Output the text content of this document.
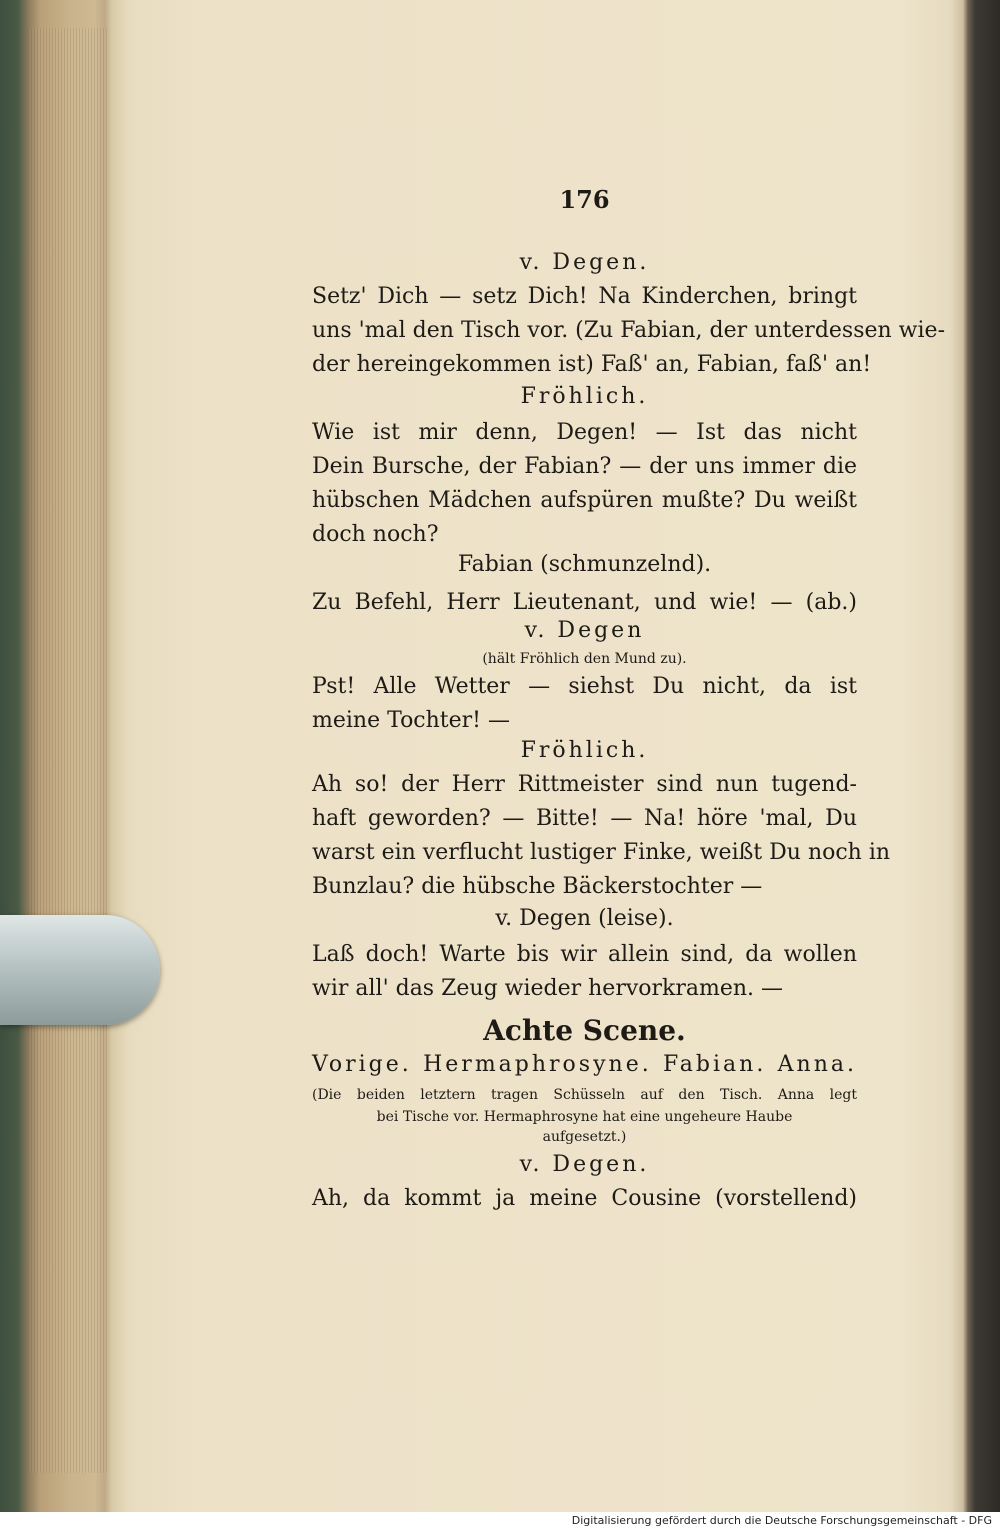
176
v. Degen.
Setz' Dich — setz Dich! Na Kinderchen, bringt
uns 'mal den Tisch vor. (Zu Fabian, der unterdessen wie-
der hereingekommen ist) Faß' an, Fabian, faß' an!
Fröhlich.
Wie ist mir denn, Degen! — Ist das nicht
Dein Bursche, der Fabian? — der uns immer die
hübschen Mädchen aufspüren mußte? Du weißt
doch noch?
Fabian (schmunzelnd).
Zu Befehl, Herr Lieutenant, und wie! — (ab.)
v. Degen
(hält Fröhlich den Mund zu).
Pst! Alle Wetter — siehst Du nicht, da ist
meine Tochter! —
Fröhlich.
Ah so! der Herr Rittmeister sind nun tugend-
haft geworden? — Bitte! — Na! höre 'mal, Du
warst ein verflucht lustiger Finke, weißt Du noch in
Bunzlau? die hübsche Bäckerstochter —
v. Degen (leise).
Laß doch! Warte bis wir allein sind, da wollen
wir all' das Zeug wieder hervorkramen. —
Achte Scene.
Vorige. Hermaphrosyne. Fabian. Anna.
(Die beiden letztern tragen Schüsseln auf den Tisch. Anna legt
bei Tische vor. Hermaphrosyne hat eine ungeheure Haube
aufgesetzt.)
v. Degen.
Ah, da kommt ja meine Cousine (vorstellend)
Digitalisierung gefördert durch die Deutsche Forschungsgemeinschaft - DFG
